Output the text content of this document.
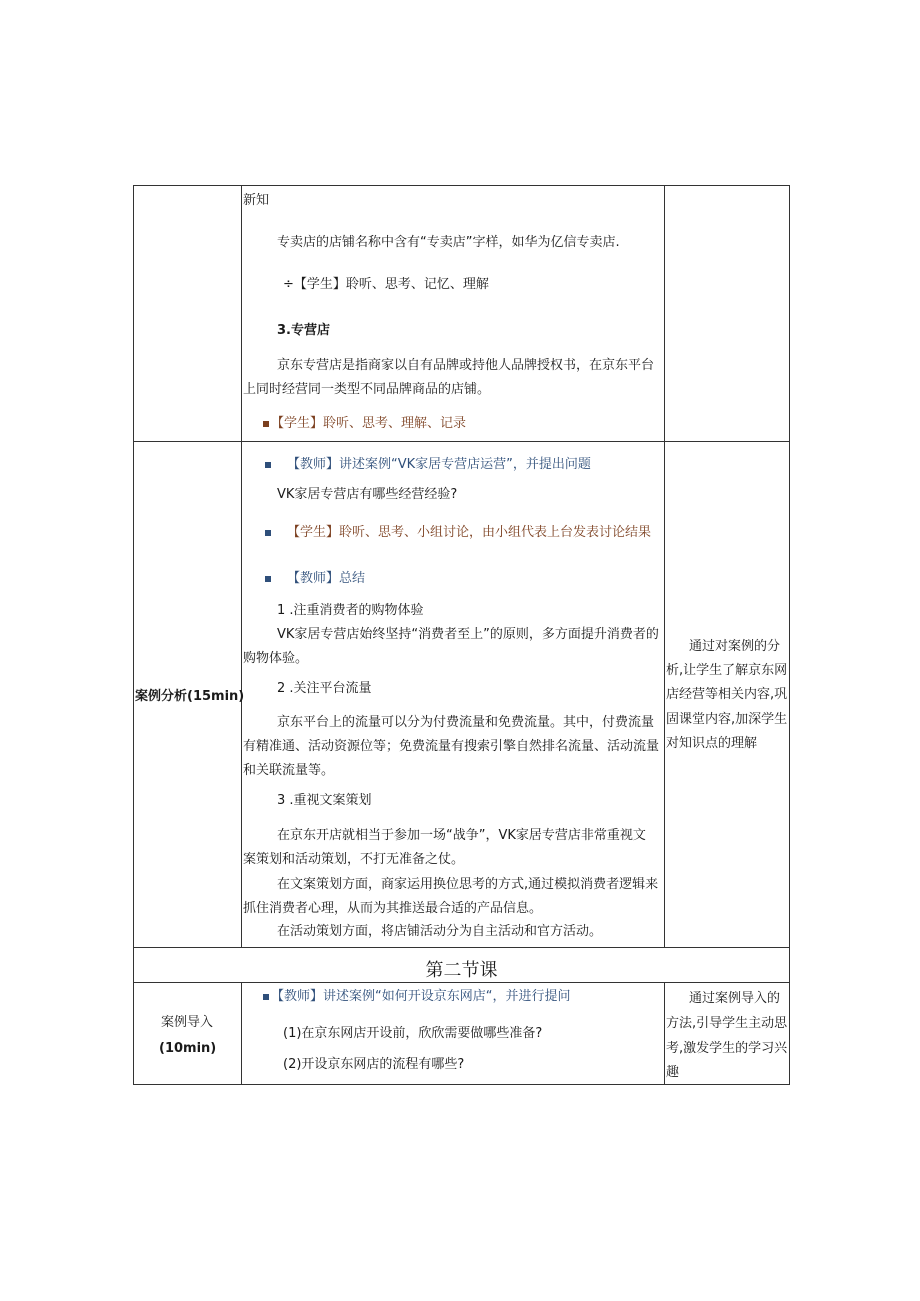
新知
专卖店的店铺名称中含有“专卖店”字样，如华为亿信专卖店.
÷【学生】聆听、思考、记忆、理解
3.专营店
京东专营店是指商家以自有品牌或持他人品牌授权书，在京东平台
上同时经营同一类型不同品牌商品的店铺。
【学生】聆听、思考、理解、记录
案例分析(15min)
【教师】讲述案例“VK家居专营店运营”，并提出问题
VK家居专营店有哪些经营经验?
【学生】聆听、思考、小组讨论，由小组代表上台发表讨论结果
【教师】总结
1 .注重消费者的购物体验
VK家居专营店始终坚持“消费者至上”的原则，多方面提升消费者的
购物体验。
2 .关注平台流量
京东平台上的流量可以分为付费流量和免费流量。其中，付费流量
有精准通、活动资源位等；免费流量有搜索引擎自然排名流量、活动流量
和关联流量等。
3 .重视文案策划
在京东开店就相当于参加一场“战争”，VK家居专营店非常重视文
案策划和活动策划，不打无准备之仗。
在文案策划方面，商家运用换位思考的方式,通过模拟消费者逻辑来
抓住消费者心理，从而为其推送最合适的产品信息。
在活动策划方面，将店铺活动分为自主活动和官方活动。
通过对案例的分
析,让学生了解京东网
店经营等相关内容,巩
固课堂内容,加深学生
对知识点的理解
第二节课
案例导入
(10min)
【教师】讲述案例“如何开设京东网店“，并进行提问
(1)在京东网店开设前，欣欣需要做哪些准备?
(2)开设京东网店的流程有哪些?
通过案例导入的
方法,引导学生主动思
考,激发学生的学习兴
趣
